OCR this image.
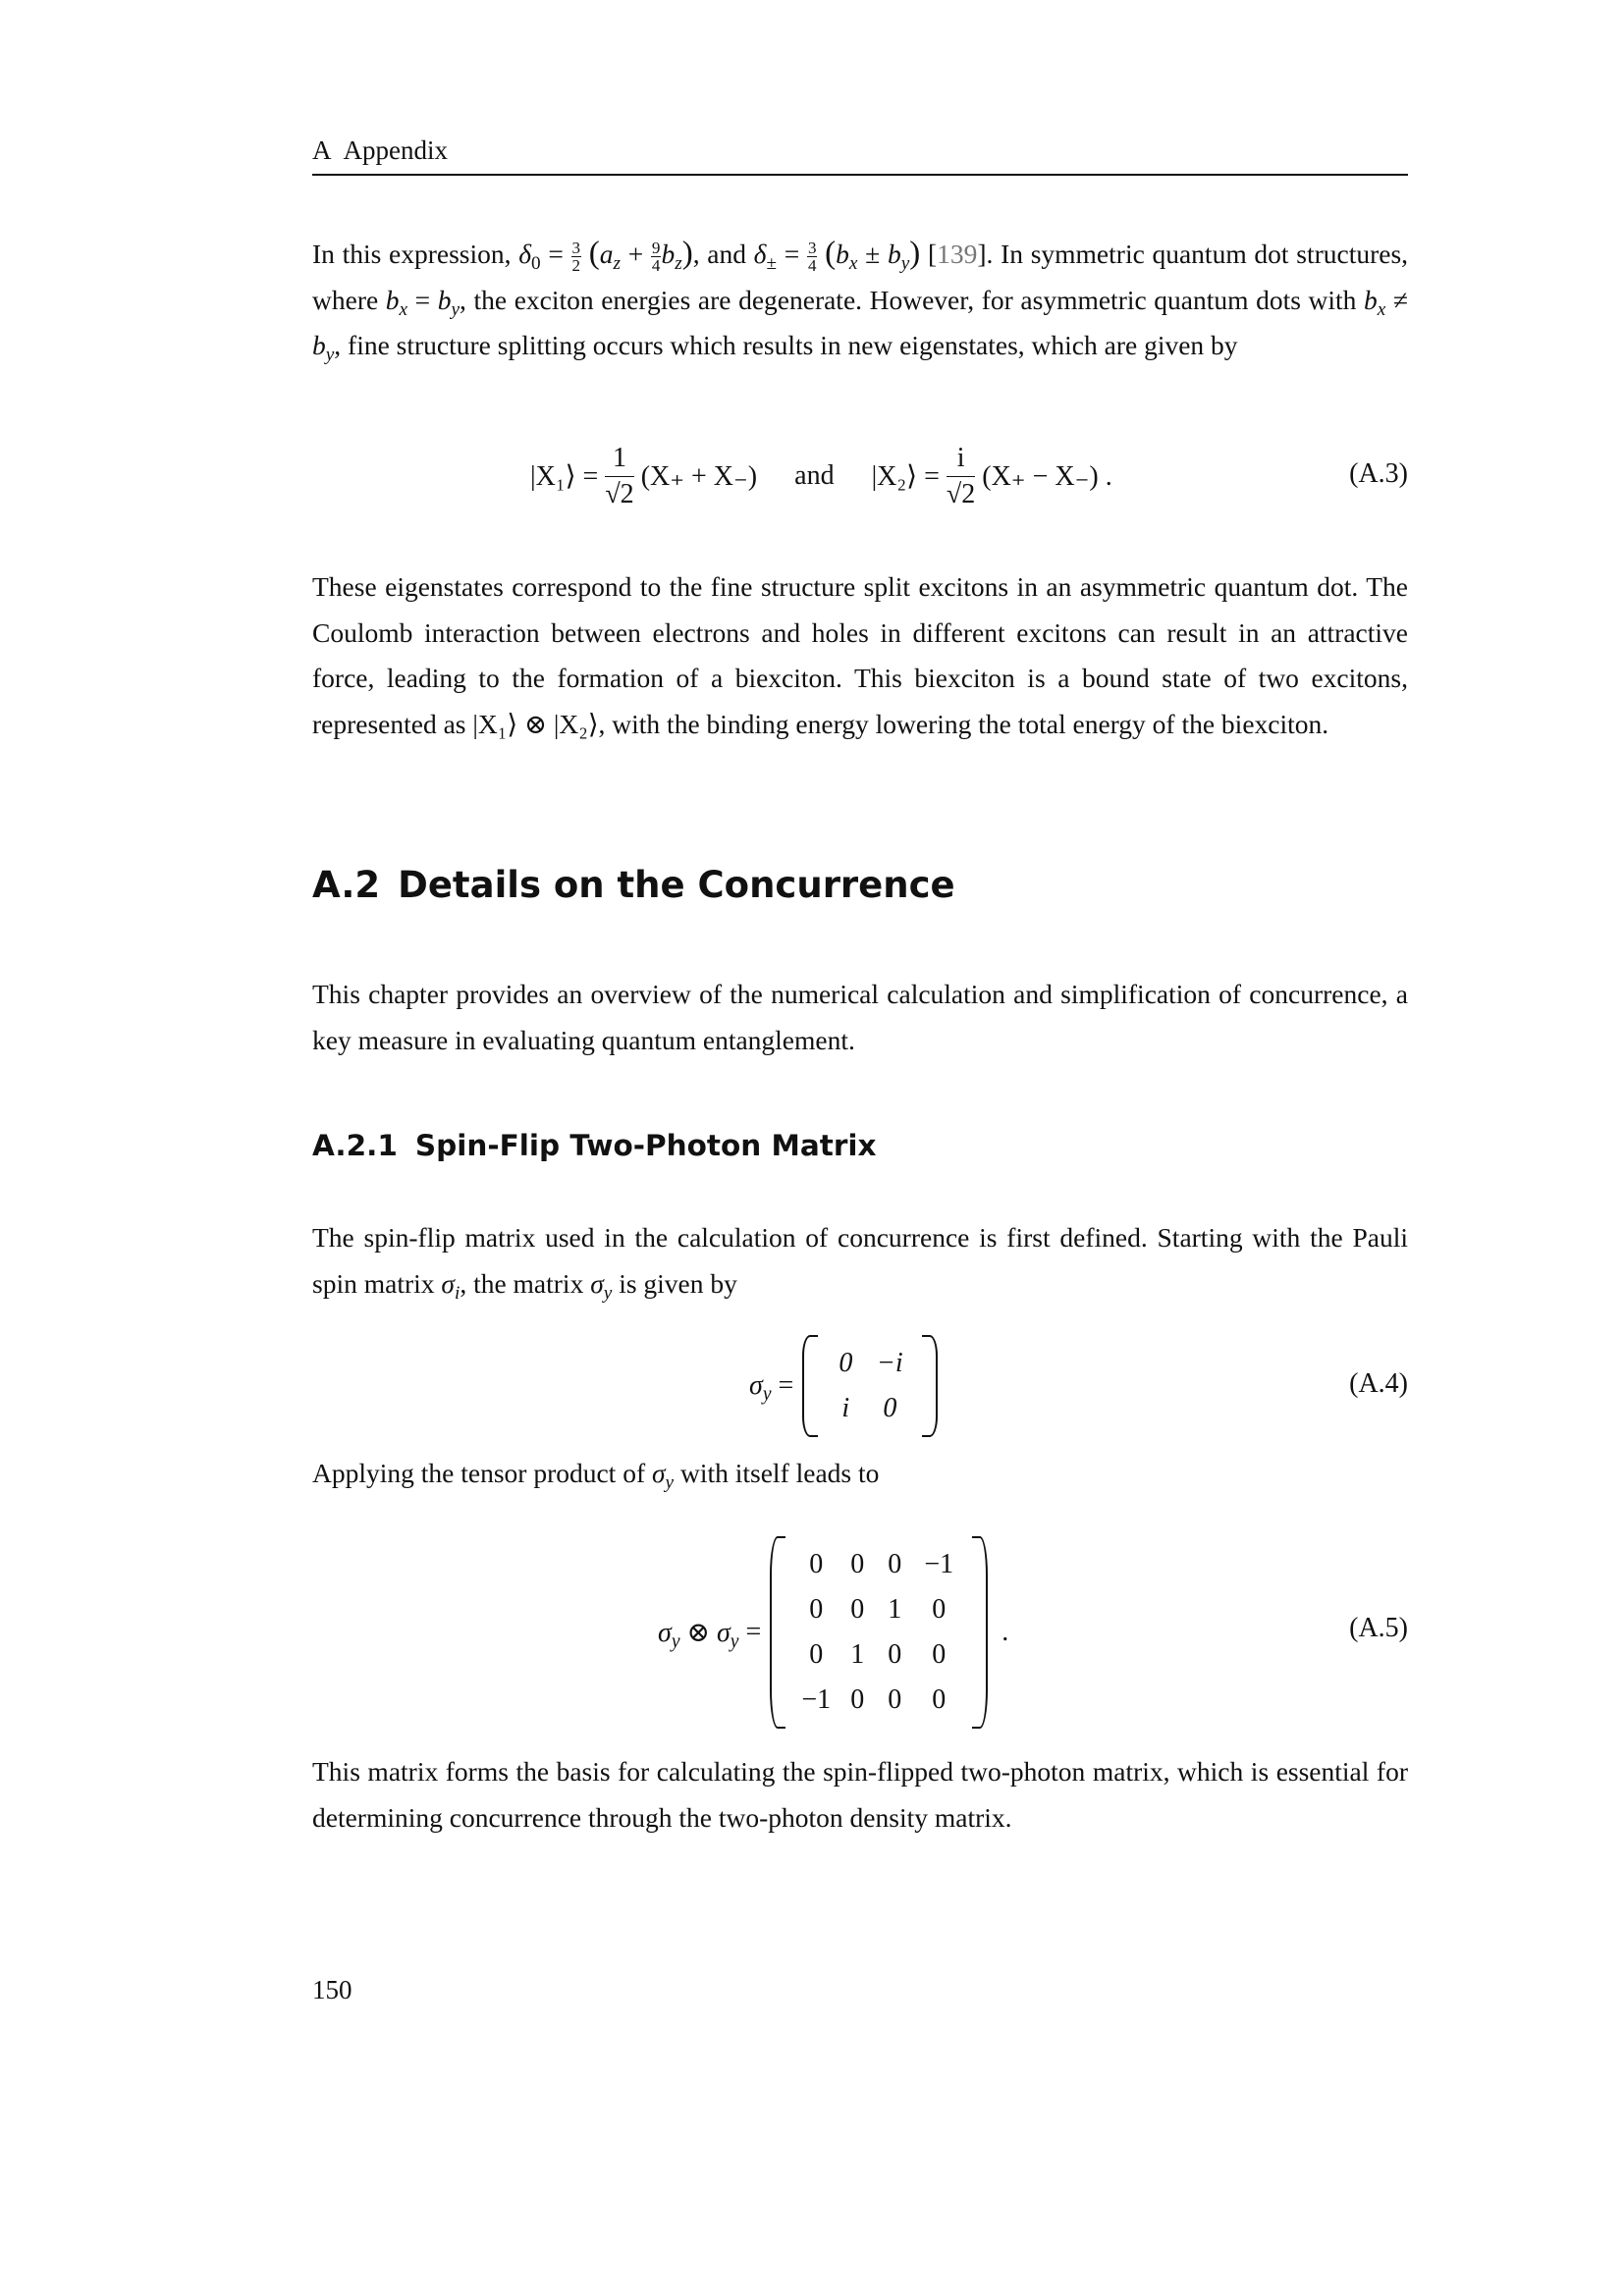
A Appendix

In this expression, $\delta_0 = \frac{3}{2} (a_z + \frac{9}{4} b_z)$, and $\delta_\pm = \frac{3}{4} (b_x \pm b_y)$ [139]. In symmetric quantum dot structures, where $b_x = b_y$, the exciton energies are degenerate. However, for asymmetric quantum dots with $b_x \ne b_y$, fine structure splitting occurs which results in new eigenstates, which are given by

|X₁⟩ =
$\frac{1}{√2}$
(X₊ + X₋) and |X₂⟩ =
$\frac{i}{√2}$
(X₊ − X₋) .	(A.3)

These eigenstates correspond to the fine structure split excitons in an asymmetric quantum dot. The Coulomb interaction between electrons and holes in different excitons can result in an attractive force, leading to the formation of a biexciton. This biexciton is a bound state of two excitons, represented as |X₁⟩ ⊗ |X₂⟩, with the binding energy lowering the total energy of the biexciton.

A.2 Details on the Concurrence

This chapter provides an overview of the numerical calculation and simplification of concurrence, a key measure in evaluating quantum entanglement.

A.2.1 Spin-Flip Two-Photon Matrix

The spin-flip matrix used in the calculation of concurrence is first defined. Starting with the Pauli spin matrix $\sigma_i$, the matrix $\sigma_y$ is given by

$\sigma_y$
=

0 −i
i	0
(A.4)

Applying the tensor product of $\sigma_y$ with itself leads to

$\sigma_y$ ⊗ $\sigma_y$
=

0	0 0 −1
0	0 1	0
0	1 0	0
−1 0 0	0
.	(A.5)

This matrix forms the basis for calculating the spin-flipped two-photon matrix, which is essential for determining concurrence through the two-photon density matrix.

150
